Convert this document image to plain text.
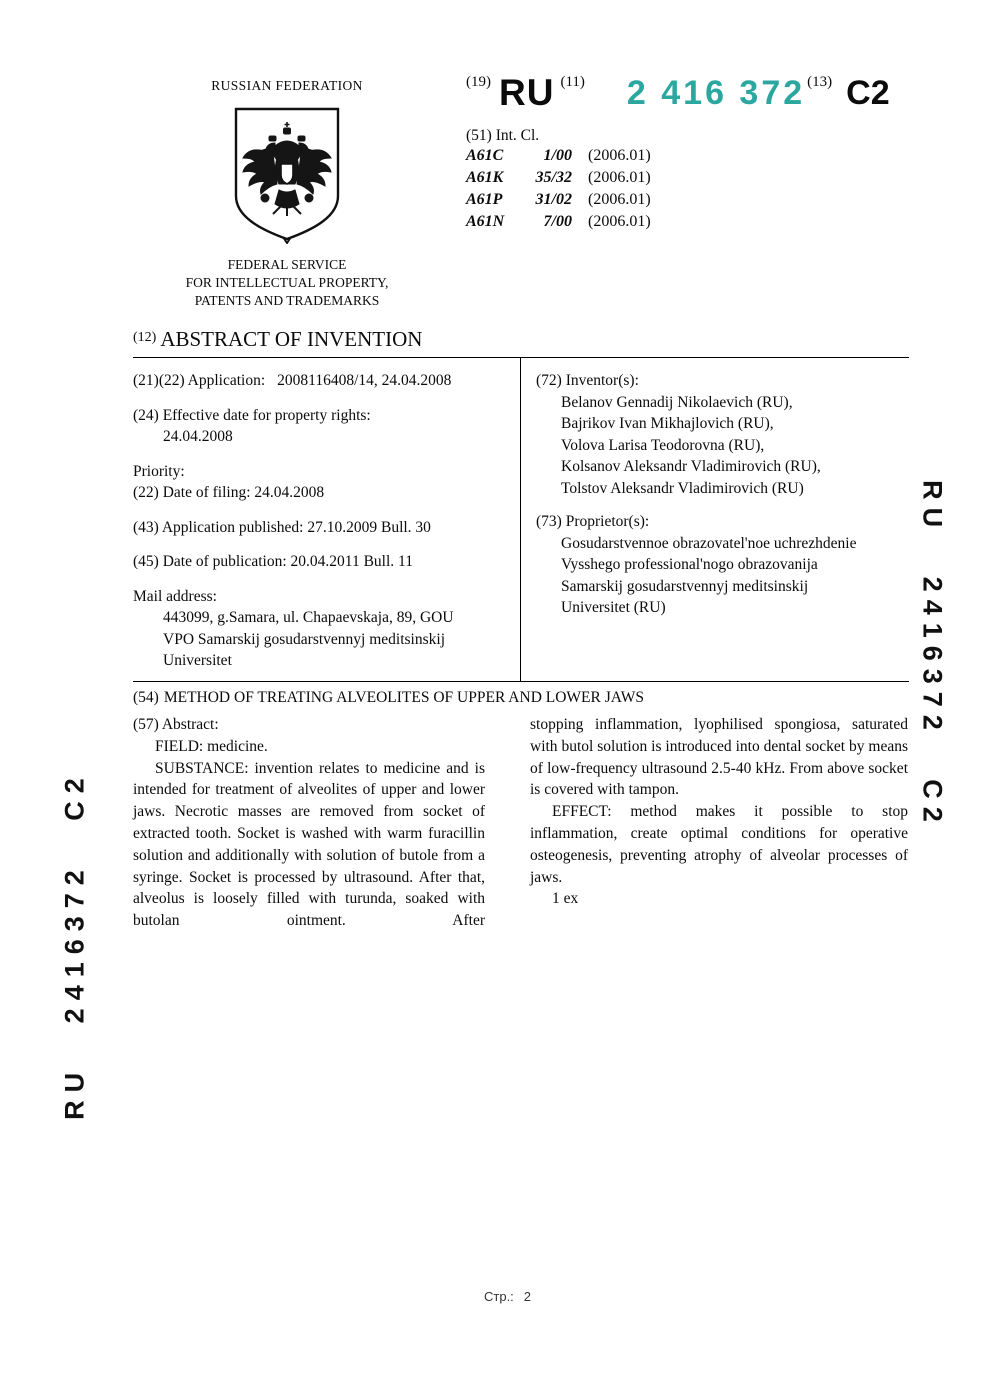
RUSSIAN FEDERATION
FEDERAL SERVICE
FOR INTELLECTUAL PROPERTY,
PATENTS AND TRADEMARKS
(19) RU (11) 2 416 372 (13) C2
(51) Int. Cl.
A61C	1/00 (2006.01)
A61K 35/32 (2006.01)
A61P 31/02 (2006.01)
A61N 7/00 (2006.01)
$^{(12)}$ ABSTRACT OF INVENTION
(21)(22) Application: 2008116408/14, 24.04.2008
(24) Effective date for property rights:
24.04.2008
Priority:
(22) Date of filing: 24.04.2008
(43) Application published: 27.10.2009 Bull. 30
(45) Date of publication: 20.04.2011 Bull. 11
Mail address:
443099, g.Samara, ul. Chapaevskaja, 89, GOU
VPO Samarskij gosudarstvennyj meditsinskij
Universitet
(72) Inventor(s):
Belanov Gennadij Nikolaevich (RU),
Bajrikov Ivan Mikhajlovich (RU),
Volova Larisa Teodorovna (RU),
Kolsanov Aleksandr Vladimirovich (RU),
Tolstov Aleksandr Vladimirovich (RU)
(73) Proprietor(s):
Gosudarstvennoe obrazovatel'noe uchrezhdenie
Vysshego professional'nogo obrazovanija
Samarskij gosudarstvennyj meditsinskij
Universitet (RU)
(54) METHOD OF TREATING ALVEOLITES OF UPPER AND LOWER JAWS
(57) Abstract:
FIELD: medicine.

SUBSTANCE: invention relates to medicine and is intended for treatment of alveolites of upper and lower jaws. Necrotic masses are removed from socket of extracted tooth. Socket is washed with warm furacillin solution and additionally with solution of butole from a syringe. Socket is processed by ultrasound. After that, alveolus is loosely filled with turunda, soaked with butolan ointment. After

stopping inflammation, lyophilised spongiosa, saturated with butol solution is introduced into dental socket by means of low-frequency ultrasound 2.5-40 kHz. From above socket is covered with tampon.

EFFECT: method makes it possible to stop inflammation, create optimal conditions for operative osteogenesis, preventing atrophy of alveolar processes of jaws.

1 ex

RU 2416372 C2
RU 2416372 C2
Стр.: 2
